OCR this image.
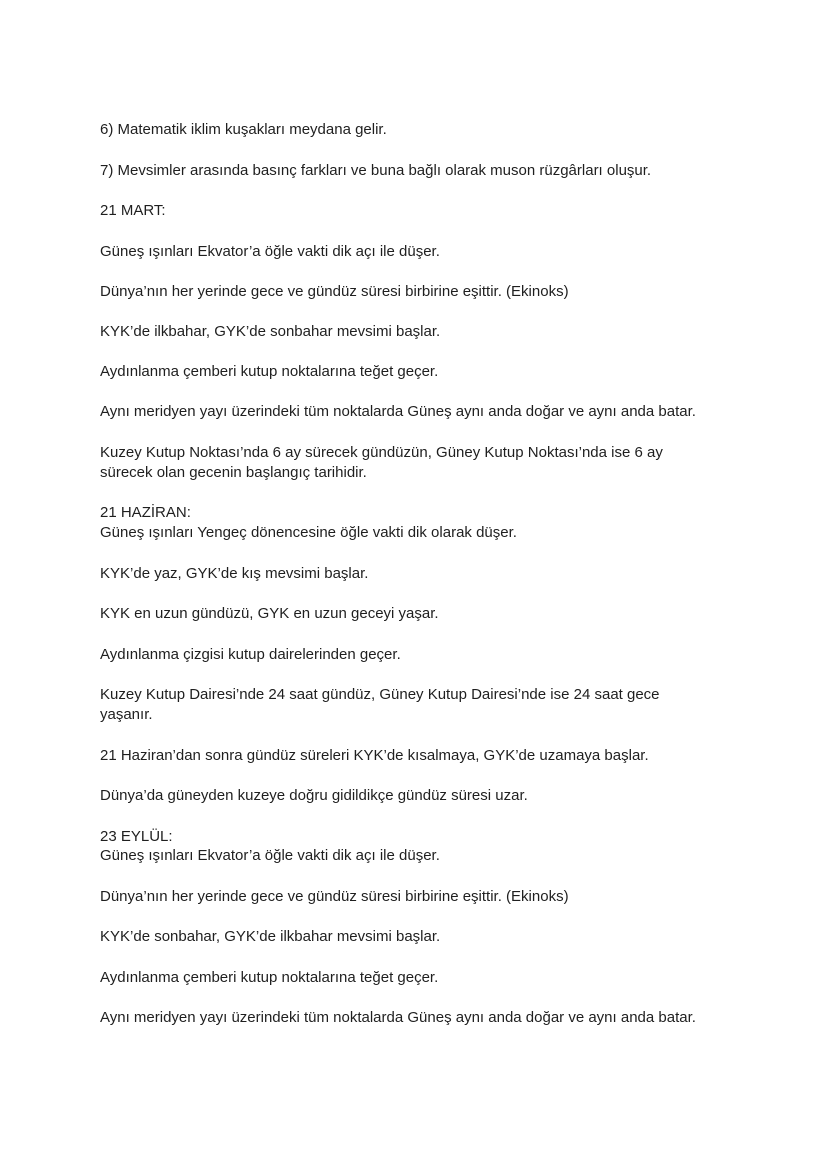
6) Matematik iklim kuşakları meydana gelir.
7) Mevsimler arasında basınç farkları ve buna bağlı olarak muson rüzgârları oluşur.
21 MART:
Güneş ışınları Ekvator’a öğle vakti dik açı ile düşer.
Dünya’nın her yerinde gece ve gündüz süresi birbirine eşittir. (Ekinoks)
KYK’de ilkbahar, GYK’de sonbahar mevsimi başlar.
Aydınlanma çemberi kutup noktalarına teğet geçer.
Aynı meridyen yayı üzerindeki tüm noktalarda Güneş aynı anda doğar ve aynı anda batar.
Kuzey Kutup Noktası’nda 6 ay sürecek gündüzün, Güney Kutup Noktası’nda ise 6 ay
sürecek olan gecenin başlangıç tarihidir.
21 HAZİRAN:
Güneş ışınları Yengeç dönencesine öğle vakti dik olarak düşer.
KYK’de yaz, GYK’de kış mevsimi başlar.
KYK en uzun gündüzü, GYK en uzun geceyi yaşar.
Aydınlanma çizgisi kutup dairelerinden geçer.
Kuzey Kutup Dairesi’nde 24 saat gündüz, Güney Kutup Dairesi’nde ise 24 saat gece
yaşanır.
21 Haziran’dan sonra gündüz süreleri KYK’de kısalmaya, GYK’de uzamaya başlar.
Dünya’da güneyden kuzeye doğru gidildikçe gündüz süresi uzar.
23 EYLÜL:
Güneş ışınları Ekvator’a öğle vakti dik açı ile düşer.
Dünya’nın her yerinde gece ve gündüz süresi birbirine eşittir. (Ekinoks)
KYK’de sonbahar, GYK’de ilkbahar mevsimi başlar.
Aydınlanma çemberi kutup noktalarına teğet geçer.
Aynı meridyen yayı üzerindeki tüm noktalarda Güneş aynı anda doğar ve aynı anda batar.
